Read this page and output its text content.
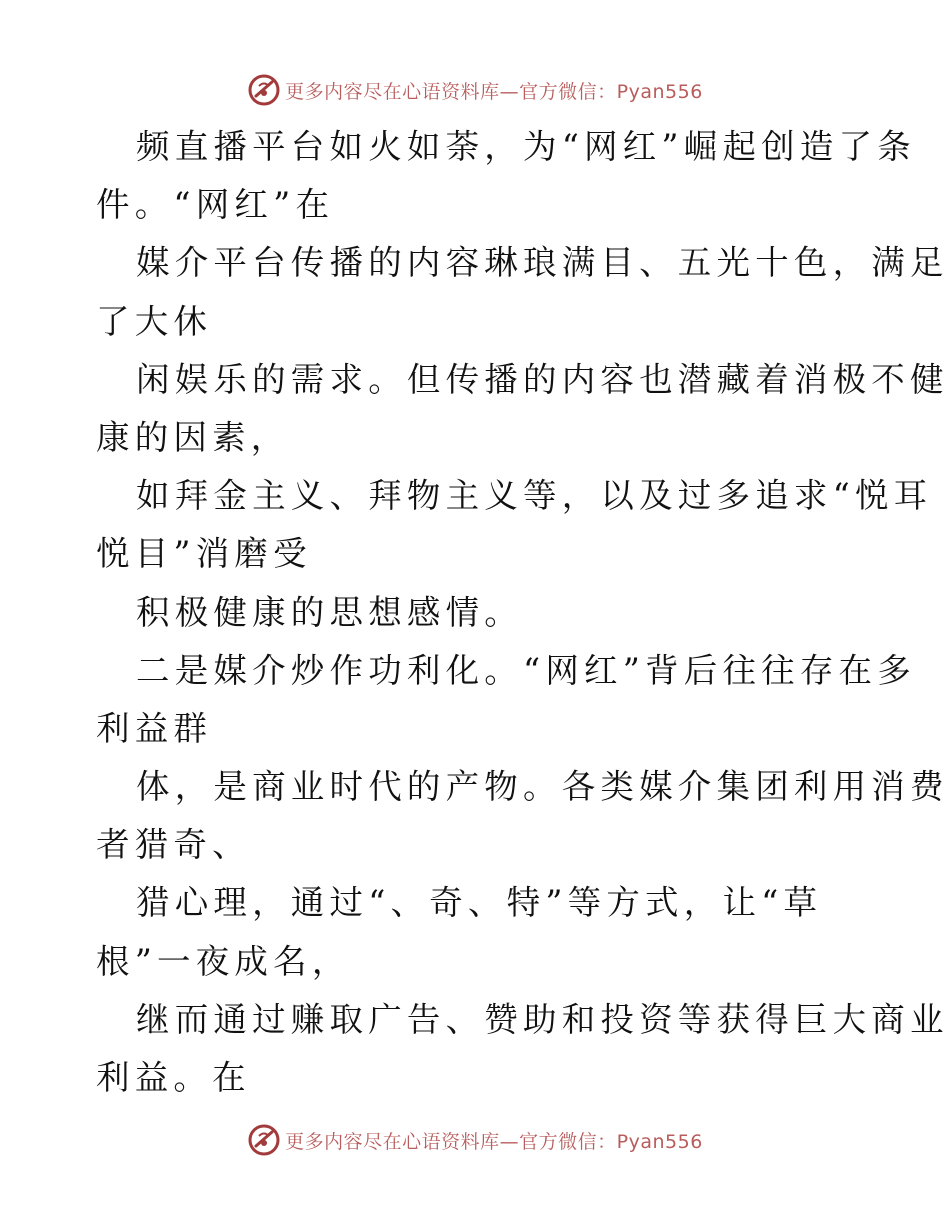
更多内容尽在心语资料库—官方微信：Pyan556
频直播平台如火如荼，为“网红”崛起创造了条
件。“网红”在
媒介平台传播的内容琳琅满目、五光十色，满足
了大休
闲娱乐的需求。但传播的内容也潜藏着消极不健
康的因素，
如拜金主义、拜物主义等，以及过多追求“悦耳
悦目”消磨受
积极健康的思想感情。
二是媒介炒作功利化。“网红”背后往往存在多
利益群
体，是商业时代的产物。各类媒介集团利用消费
者猎奇、
猎心理，通过“、奇、特”等方式，让“草
根”一夜成名，
继而通过赚取广告、赞助和投资等获得巨大商业
利益。在
更多内容尽在心语资料库—官方微信：Pyan556
